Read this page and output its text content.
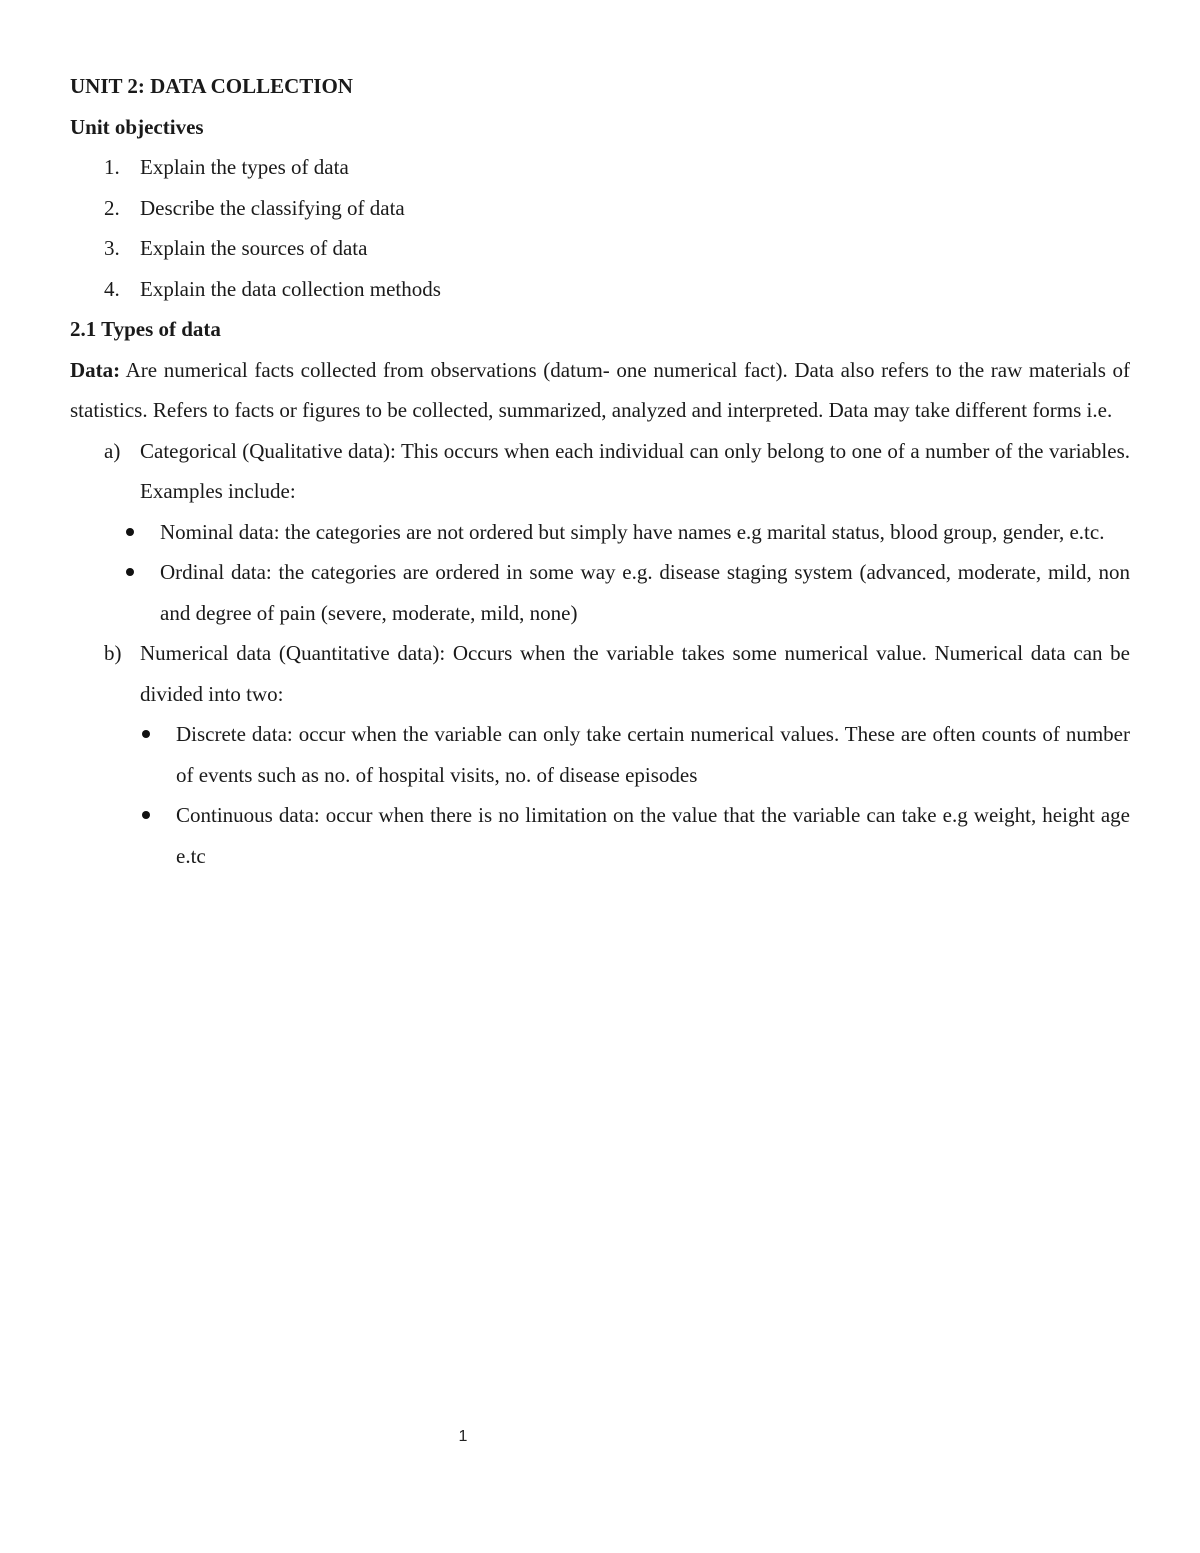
UNIT 2: DATA COLLECTION

Unit objectives

1. Explain the types of data
2. Describe the classifying of data
3. Explain the sources of data
4. Explain the data collection methods

2.1 Types of data

Data: Are numerical facts collected from observations (datum- one numerical fact). Data also refers to the raw materials of statistics. Refers to facts or figures to be collected, summarized, analyzed and interpreted. Data may take different forms i.e.

a) Categorical (Qualitative data): This occurs when each individual can only belong to one of a number of the variables. Examples include:
Nominal data: the categories are not ordered but simply have names e.g marital status, blood group, gender, e.tc.
Ordinal data: the categories are ordered in some way e.g. disease staging system (advanced, moderate, mild, non and degree of pain (severe, moderate, mild, none)
b) Numerical data (Quantitative data): Occurs when the variable takes some numerical value. Numerical data can be divided into two:
Discrete data: occur when the variable can only take certain numerical values. These are often counts of number of events such as no. of hospital visits, no. of disease episodes
Continuous data: occur when there is no limitation on the value that the variable can take e.g weight, height age e.tc
1
